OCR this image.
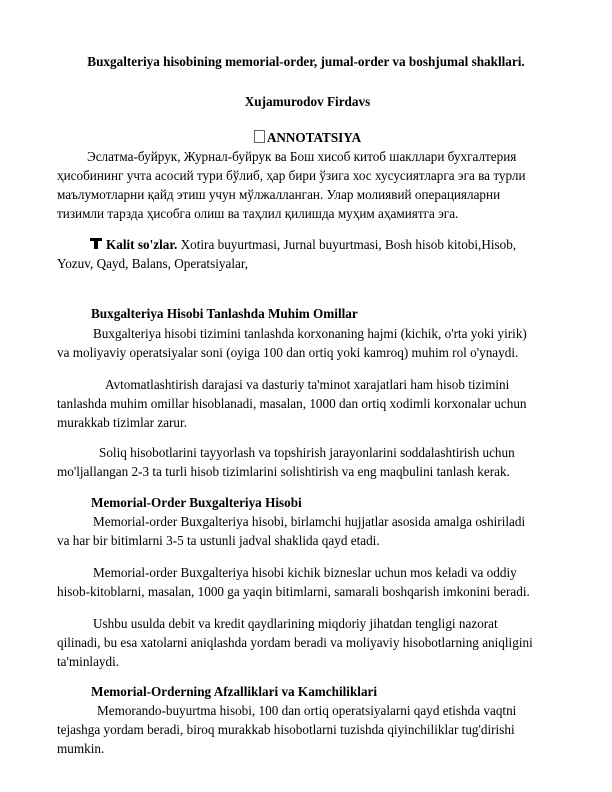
Buxgalteriya hisobining memorial-order, jumal-order va boshjumal shakllari.
Xujamurodov Firdavs
ANNOTATSIYA
Эслатма-буйрук, Журнал-буйрук ва Бош хисоб китоб шакллари бухгалтерия
ҳисобининг учта асосий тури бўлиб, ҳар бири ўзига хос хусусиятларга эга ва турли
маълумотларни қайд этиш учун мўлжалланган. Улар молиявий операцияларни
тизимли тарзда ҳисобга олиш ва таҳлил қилишда муҳим аҳамиятга эга.
Kalit so'zlar. Xotira buyurtmasi, Jurnal buyurtmasi, Bosh hisob kitobi,Hisob,
Yozuv, Qayd, Balans, Operatsiyalar,
Buxgalteriya Hisobi Tanlashda Muhim Omillar
Buxgalteriya hisobi tizimini tanlashda korxonaning hajmi (kichik, o'rta yoki yirik)
va moliyaviy operatsiyalar soni (oyiga 100 dan ortiq yoki kamroq) muhim rol o'ynaydi.
Avtomatlashtirish darajasi va dasturiy ta'minot xarajatlari ham hisob tizimini
tanlashda muhim omillar hisoblanadi, masalan, 1000 dan ortiq xodimli korxonalar uchun
murakkab tizimlar zarur.
Soliq hisobotlarini tayyorlash va topshirish jarayonlarini soddalashtirish uchun
mo'ljallangan 2-3 ta turli hisob tizimlarini solishtirish va eng maqbulini tanlash kerak.
Memorial-Order Buxgalteriya Hisobi
Memorial-order Buxgalteriya hisobi, birlamchi hujjatlar asosida amalga oshiriladi
va har bir bitimlarni 3-5 ta ustunli jadval shaklida qayd etadi.
Memorial-order Buxgalteriya hisobi kichik bizneslar uchun mos keladi va oddiy
hisob-kitoblarni, masalan, 1000 ga yaqin bitimlarni, samarali boshqarish imkonini beradi.
Ushbu usulda debit va kredit qaydlarining miqdoriy jihatdan tengligi nazorat
qilinadi, bu esa xatolarni aniqlashda yordam beradi va moliyaviy hisobotlarning aniqligini
ta'minlaydi.
Memorial-Orderning Afzalliklari va Kamchiliklari
Memorando-buyurtma hisobi, 100 dan ortiq operatsiyalarni qayd etishda vaqtni
tejashga yordam beradi, biroq murakkab hisobotlarni tuzishda qiyinchiliklar tug'dirishi
mumkin.
